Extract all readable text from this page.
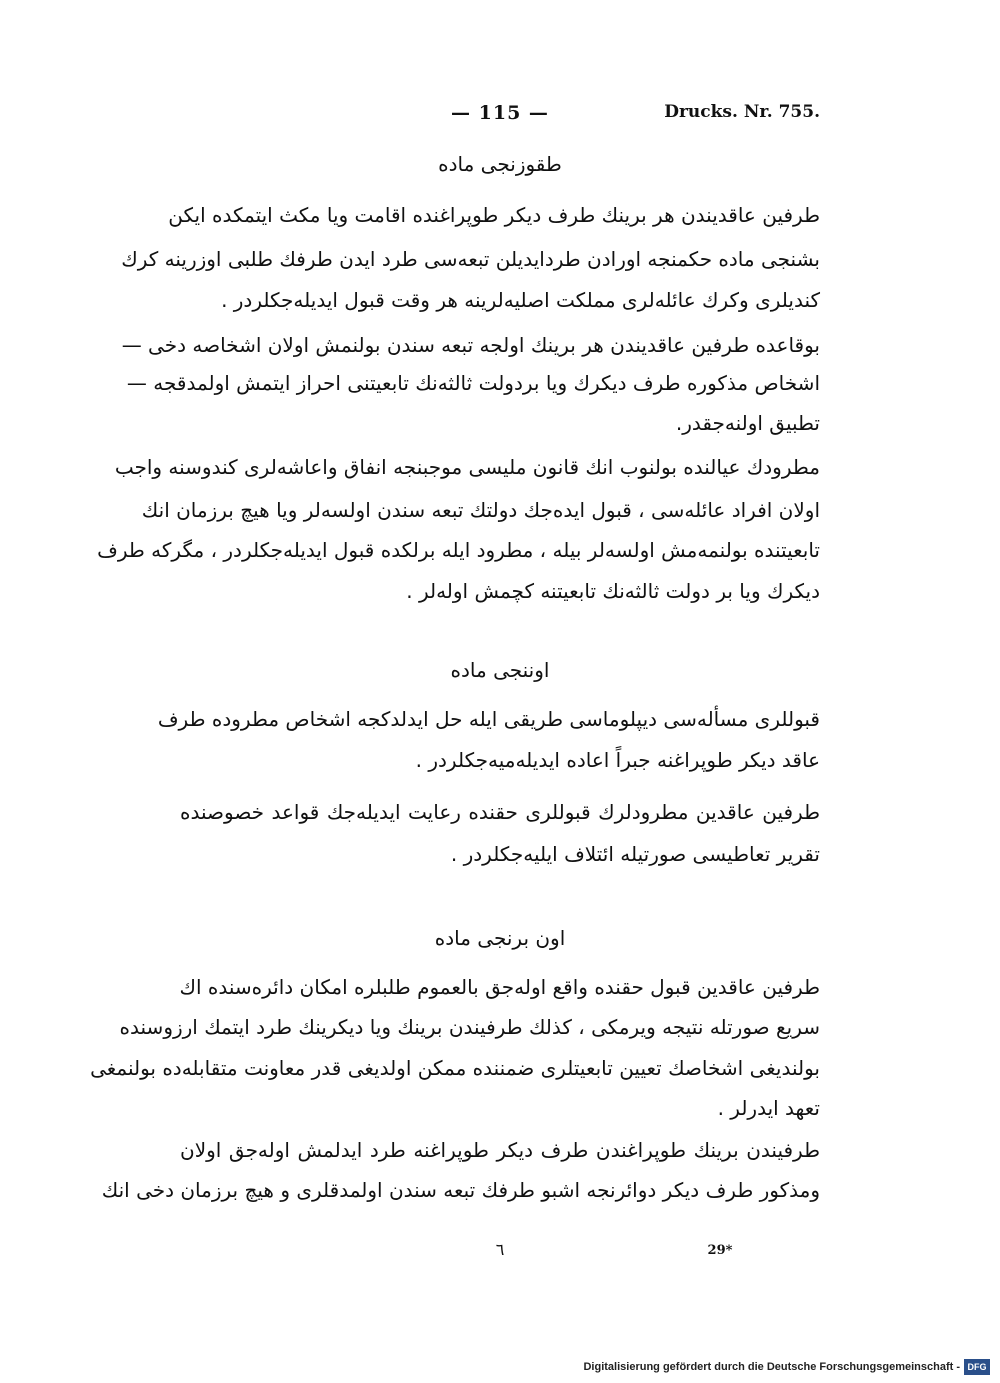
— 115 —	Drucks. Nr. 755.
طقوزنجی ماده
طرفین عاقدیندن هر برینك طرف دیكر طوپراغنده اقامت ویا مكث ایتمكده ایكن
بشنجی ماده حكمنجه اورادن طردایدیلن تبعه‌سی طرد ایدن طرفك طلبی اوزرینه كرك
كندیلری وكرك عائله‌لری مملكت اصلیه‌لرینه هر وقت قبول ایدیله‌جكلردر .
بوقاعده طرفین عاقدیندن هر برینك اولجه تبعه سندن بولنمش اولان اشخاصه دخی —
اشخاص مذكوره طرف دیكرك ویا بردولت ثالثه‌نك تابعیتنی احراز ایتمش اولمدقجه —
تطبیق اولنه‌جقدر.
مطرودك عیالنده بولنوب انك قانون ملیسی موجبنجه انفاق واعاشه‌لری كندوسنه واجب
اولان افراد عائله‌سی ، قبول ایده‌جك دولتك تبعه سندن اولسه‌لر ویا هیچ برزمان انك
تابعیتنده بولنمه‌مش اولسه‌لر بیله ، مطرود ایله برلكده قبول ایدیله‌جكلردر ، مگركه طرف
دیكرك ویا بر دولت ثالثه‌نك تابعیتنه كچمش اوله‌لر .
اوننجی ماده
قبوللری مسأله‌سی دیپلوماسی طریقی ایله حل ایدلدكجه اشخاص مطروده طرف
عاقد دیكر طوپراغنه جبراً اعاده ایدیله‌میه‌جكلردر .
طرفین عاقدین مطرودلرك قبوللری حقنده رعایت ایدیله‌جك قواعد خصوصنده
تقریر تعاطیسی صورتیله ائتلاف ایلیه‌جكلردر .
اون برنجی ماده
طرفین عاقدین قبول حقنده واقع اوله‌جق بالعموم طلبلره امكان دائره‌سنده اك
سریع صورتله نتیجه ویرمكی ، كذلك طرفیندن برینك ویا دیكرینك طرد ایتمك ارزوسنده
بولندیغی اشخاصك تعیین تابعیتلری ضمننده ممكن اولدیغی قدر معاونت متقابله‌ده بولنمغی
تعهد ایدرلر .
طرفیندن برینك طوپراغندن طرف دیكر طوپراغنه طرد ایدلمش اوله‌جق اولان
ومذكور طرف دیكر دوائرنجه اشبو طرفك تبعه سندن اولمدقلری و هیچ برزمان دخی انك
٦	29*
Digitalisierung gefördert durch die Deutsche Forschungsgemeinschaft - DFG
